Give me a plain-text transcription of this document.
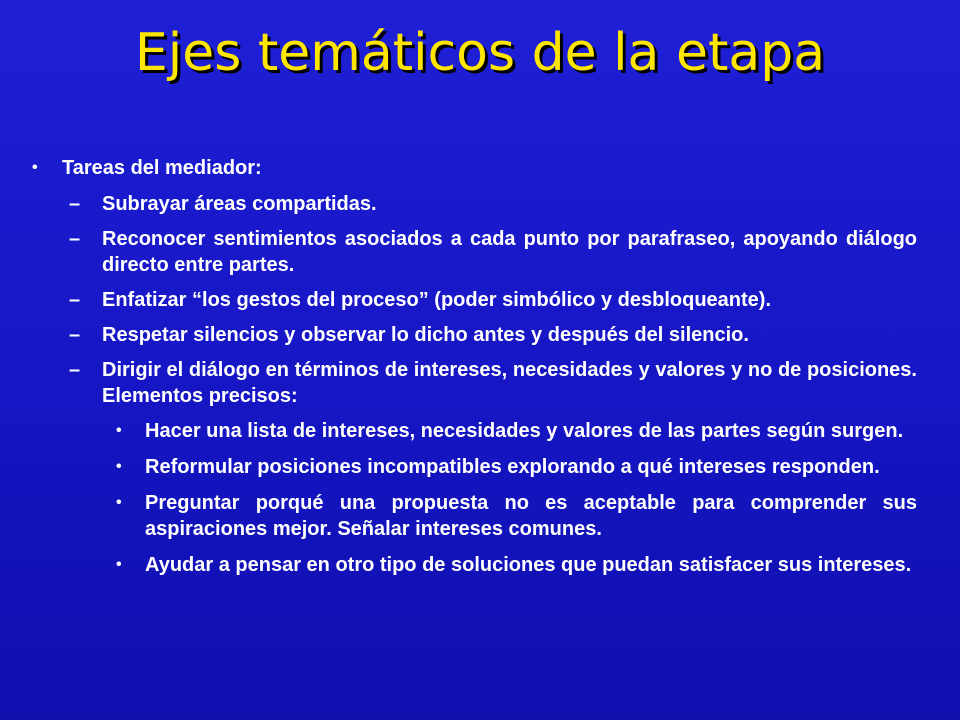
Ejes temáticos de la etapa
•	Tareas del mediador:
–	Subrayar áreas compartidas.
–	Reconocer sentimientos asociados a cada punto por parafraseo, apoyando diálogo directo entre partes.
–	Enfatizar “los gestos del proceso” (poder simbólico y desbloqueante).
–	Respetar silencios y observar lo dicho antes y después del silencio.
–	Dirigir el diálogo en términos de intereses, necesidades y valores y no de posiciones. Elementos precisos:
•	Hacer una lista de intereses, necesidades y valores de las partes según surgen.
•	Reformular posiciones incompatibles explorando a qué intereses responden.
•	Preguntar porqué una propuesta no es aceptable para comprender sus aspiraciones mejor. Señalar intereses comunes.
•	Ayudar a pensar en otro tipo de soluciones que puedan satisfacer sus intereses.
